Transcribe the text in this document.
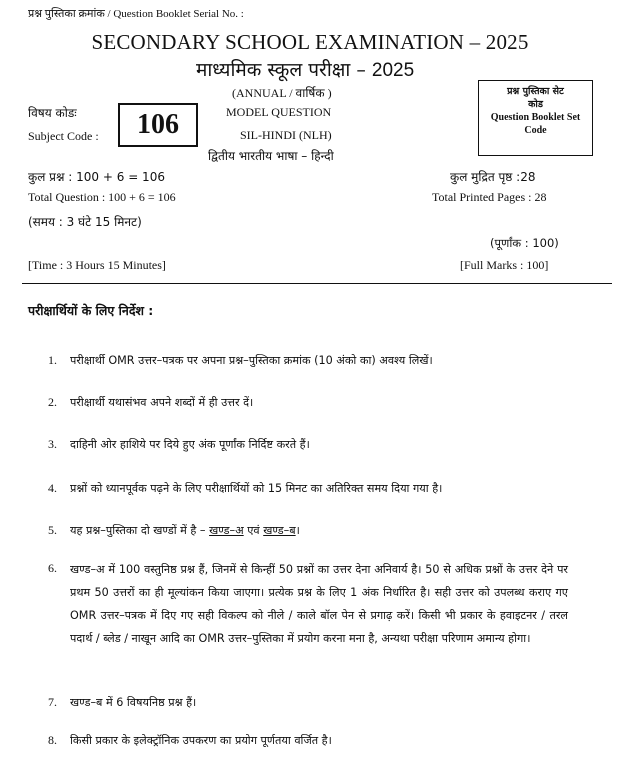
प्रश्न पुस्तिका क्रमांक / Question Booklet Serial No. :
SECONDARY SCHOOL EXAMINATION – 2025
माध्यमिक स्कूल परीक्षा – 2025
(ANNUAL / वार्षिक )
MODEL QUESTION
SIL-HINDI (NLH)
द्वितीय भारतीय भाषा – हिन्दी
विषय कोडः
Subject Code :	106
प्रश्न पुस्तिका सेट
कोड
Question Booklet Set
Code
कुल प्रश्न : 100 + 6 = 106	कुल मुद्रित पृष्ठ :28
Total Question : 100 + 6 = 106	Total Printed Pages : 28
(समय : 3 घंटे 15 मिनट)
(पूर्णांक : 100)
[Time : 3 Hours 15 Minutes]	[Full Marks : 100]
परीक्षार्थियों के लिए निर्देश :
1. परीक्षार्थी OMR उत्तर–पत्रक पर अपना प्रश्न–पुस्तिका क्रमांक (10 अंको का) अवश्य लिखें।
2. परीक्षार्थी यथासंभव अपने शब्दों में ही उत्तर दें।
3. दाहिनी ओर हाशिये पर दिये हुए अंक पूर्णांक निर्दिष्ट करते हैं।
4. प्रश्नों को ध्यानपूर्वक पढ़ने के लिए परीक्षार्थियों को 15 मिनट का अतिरिक्त समय दिया गया है।
5. यह प्रश्न–पुस्तिका दो खण्डों में है – खण्ड–अ एवं खण्ड–ब।
6. खण्ड–अ में 100 वस्तुनिष्ठ प्रश्न हैं, जिनमें से किन्हीं 50 प्रश्नों का उत्तर देना अनिवार्य है। 50 से अधिक प्रश्नों के उत्तर देने पर प्रथम 50 उत्तरों का ही मूल्यांकन किया जाएगा। प्रत्येक प्रश्न के लिए 1 अंक निर्धारित है। सही उत्तर को उपलब्ध कराए गए OMR उत्तर–पत्रक में दिए गए सही विकल्प को नीले / काले बॉल पेन से प्रगाढ़ करें। किसी भी प्रकार के हवाइटनर / तरल पदार्थ / ब्लेड / नाखून आदि का OMR उत्तर–पुस्तिका में प्रयोग करना मना है, अन्यथा परीक्षा परिणाम अमान्य होगा।
7. खण्ड–ब में 6 विषयनिष्ठ प्रश्न हैं।
8. किसी प्रकार के इलेक्ट्रॉनिक उपकरण का प्रयोग पूर्णतया वर्जित है।
